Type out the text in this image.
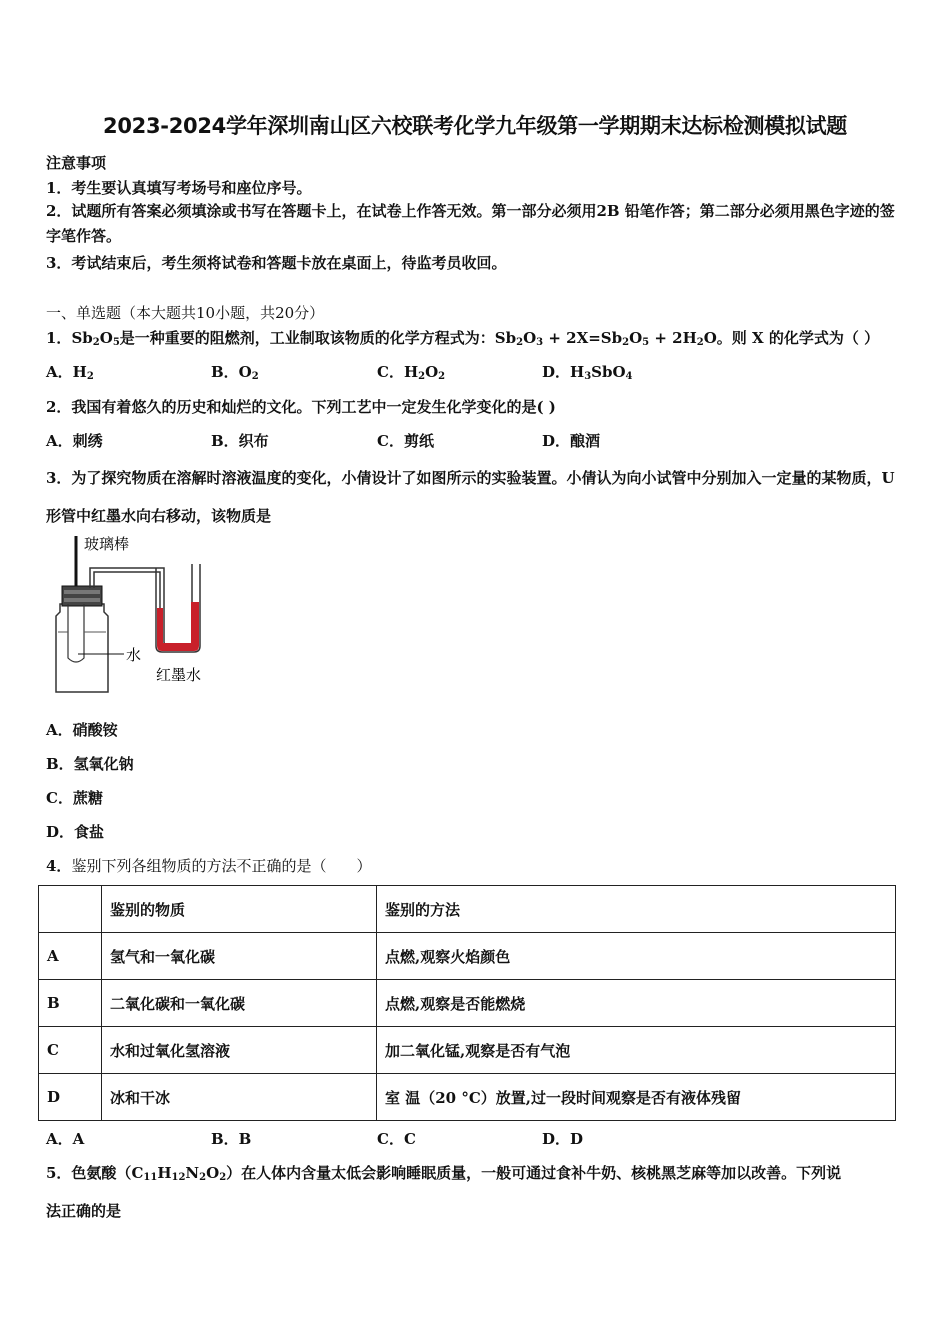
2023-2024学年深圳南山区六校联考化学九年级第一学期期末达标检测模拟试题
注意事项
1．考生要认真填写考场号和座位序号。
2．试题所有答案必须填涂或书写在答题卡上，在试卷上作答无效。第一部分必须用2B 铅笔作答；第二部分必须用黑色字迹的签字笔作答。
3．考试结束后，考生须将试卷和答题卡放在桌面上，待监考员收回。
一、单选题（本大题共10小题，共20分）
1．$Sb_2O_5$是一种重要的阻燃剂，工业制取该物质的化学方程式为：$Sb_2O_3 + 2X=Sb_2O_5 + 2H_2O$。则 X 的化学式为（ ）
A．$H_2$	B．$O_2$	C．$H_2O_2$	D．$H_3SbO_4$
2．我国有着悠久的历史和灿烂的文化。下列工艺中一定发生化学变化的是( )
A．刺绣	B．织布	C．剪纸	D．酿酒
3．为了探究物质在溶解时溶液温度的变化，小倩设计了如图所示的实验装置。小倩认为向小试管中分别加入一定量的某物质，U形管中红墨水向右移动，该物质是
玻璃棒
水
红墨水
A．硝酸铵
B．氢氧化钠
C．蔗糖
D．食盐
4．鉴别下列各组物质的方法不正确的是（　　）
	鉴别的物质	鉴别的方法
A	氢气和一氧化碳	点燃,观察火焰颜色
B	二氧化碳和一氧化碳	点燃,观察是否能燃烧
C	水和过氧化氢溶液	加二氧化锰,观察是否有气泡
D	冰和干冰	室 温（20 °C）放置,过一段时间观察是否有液体残留
A．A	B．B	C．C	D．D
5．色氨酸$(C_{11}H_{12}N_2O_2)$在人体内含量太低会影响睡眠质量，一般可通过食补牛奶、核桃黑芝麻等加以改善。下列说
法正确的是
